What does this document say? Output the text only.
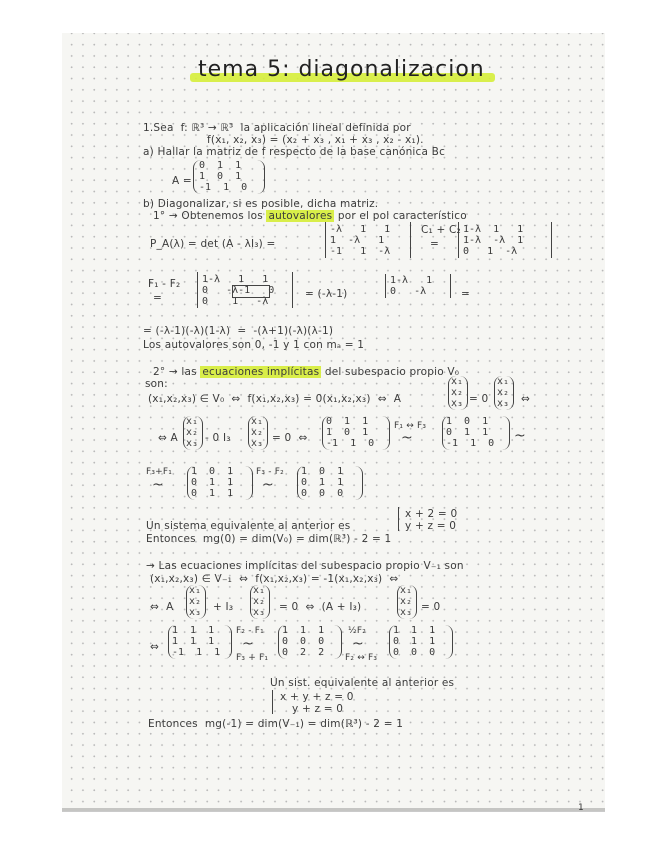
tema 5: diagonalizacion
1.Sea  f: ℝ³ → ℝ³  la aplicación lineal definida por
f(x₁, x₂, x₃) = (x₂ + x₃ , x₁ + x₃ , x₂ - x₁).
a) Hallar la matriz de f respecto de la base canónica Bc
A =
0  1  1
1  0  1
-1  1  0
b) Diagonalizar, si es posible, dicha matriz.
1° → Obtenemos los autovalores por el pol característico
P_A(λ) = det (A - λI₃) =
-λ   1   1
1  -λ   1
-1   1  -λ
C₁ + C₂
=
1-λ  1   1
1-λ  -λ  1
0   1  -λ
F₁ - F₂
=
1-λ   1   1
0   -λ-1   0
0    1   -λ
= (-λ-1)
1-λ   1
0   -λ	=
= (-λ-1)(-λ)(1-λ)  =  -(λ+1)(-λ)(λ-1)
Los autovalores son 0, -1 y 1 con mₐ = 1
2° → las ecuaciones implícitas del subespacio propio V₀
son:
(x₁,x₂,x₃) ∈ V₀  ⇔  f(x₁,x₂,x₃) = 0(x₁,x₂,x₃)  ⇔  A
x₁
x₂
x₃ = 0
x₁
x₂
x₃ ⇔
⇔ A
x₁
x₂
x₃ - 0 I₃
x₁
x₂
x₃ = 0  ⇔
0  1  1
1  0  1
-1  1  0
F₁ ↔ F₃
~
1  0  1
0  1  1
-1  1  0 ~
F₃+F₁
~
1  0  1
0  1  1
0  1  1
F₃ - F₂
~
1  0  1
0  1  1
0  0  0
Un sistema equivalente al anterior es
x + 2 = 0
y + z = 0
Entonces  mg(0) = dim(V₀) = dim(ℝ³) - 2 = 1
→ Las ecuaciones implícitas del subespacio propio V₋₁ son
(x₁,x₂,x₃) ∈ V₋₁  ⇔  f(x₁,x₂,x₃) = -1(x₁,x₂,x₃)  ⇔
⇔  A
x₁
x₂
x₃ + I₃
x₁
x₂
x₃ = 0  ⇔  (A + I₃)
x₁
x₂
x₃ = 0
⇔
1  1  1
1  1  1
-1  1  1
F₂ - F₁
~
F₃ + F₁
1  1  1
0  0  0
0  2  2
½F₂
~
F₂ ↔ F₃
1  1  1
0  1  1
0  0  0
Un sist. equivalente al anterior es
x + y + z = 0
y + z = 0
Entonces  mg(-1) = dim(V₋₁) = dim(ℝ³) - 2 = 1
1
